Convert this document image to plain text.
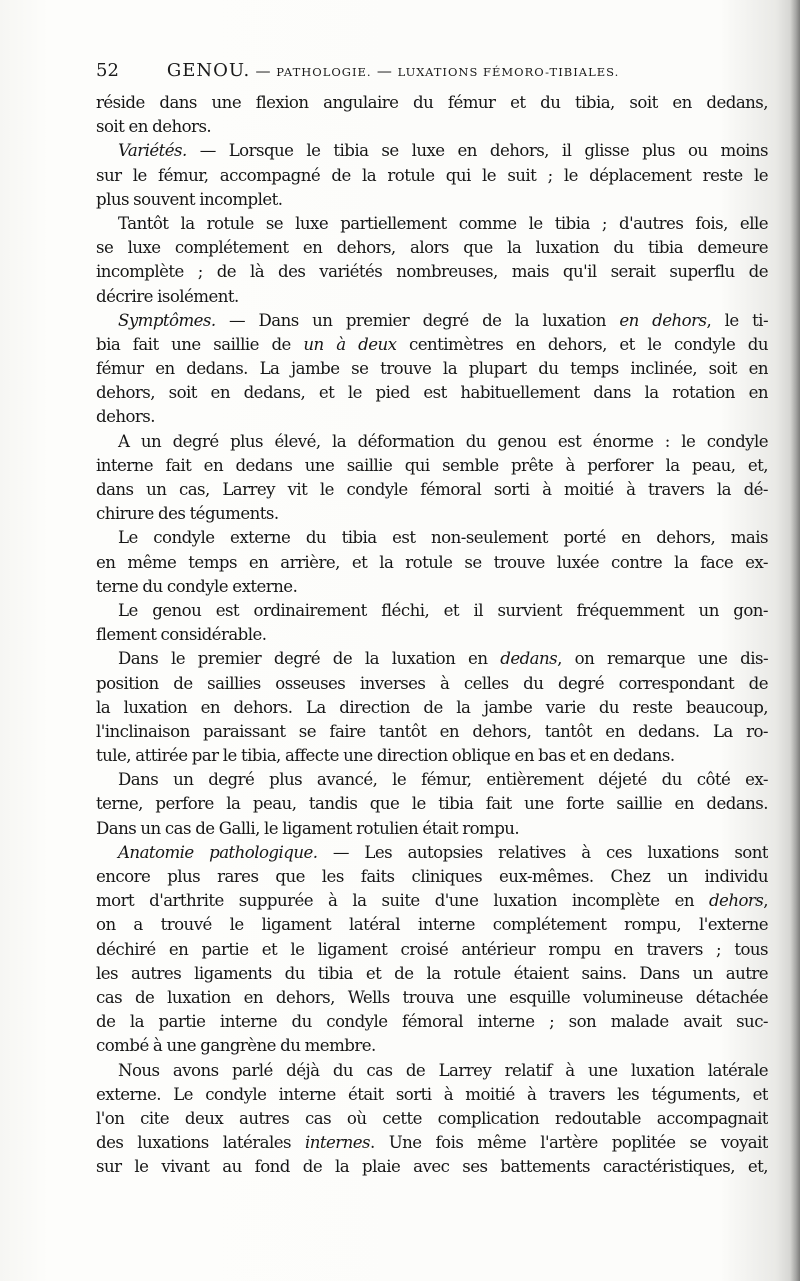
52	GENOU. — PATHOLOGIE. — LUXATIONS FÉMORO-TIBIALES.
réside dans une flexion angulaire du fémur et du tibia, soit en dedans,
soit en dehors.
Variétés. — Lorsque le tibia se luxe en dehors, il glisse plus ou moins
sur le fémur, accompagné de la rotule qui le suit ; le déplacement reste le
plus souvent incomplet.
Tantôt la rotule se luxe partiellement comme le tibia ; d'autres fois, elle
se luxe complétement en dehors, alors que la luxation du tibia demeure
incomplète ; de là des variétés nombreuses, mais qu'il serait superflu de
décrire isolément.
Symptômes. — Dans un premier degré de la luxation en dehors, le ti-
bia fait une saillie de un à deux centimètres en dehors, et le condyle du
fémur en dedans. La jambe se trouve la plupart du temps inclinée, soit en
dehors, soit en dedans, et le pied est habituellement dans la rotation en
dehors.
A un degré plus élevé, la déformation du genou est énorme : le condyle
interne fait en dedans une saillie qui semble prête à perforer la peau, et,
dans un cas, Larrey vit le condyle fémoral sorti à moitié à travers la dé-
chirure des téguments.
Le condyle externe du tibia est non-seulement porté en dehors, mais
en même temps en arrière, et la rotule se trouve luxée contre la face ex-
terne du condyle externe.
Le genou est ordinairement fléchi, et il survient fréquemment un gon-
flement considérable.
Dans le premier degré de la luxation en dedans, on remarque une dis-
position de saillies osseuses inverses à celles du degré correspondant de
la luxation en dehors. La direction de la jambe varie du reste beaucoup,
l'inclinaison paraissant se faire tantôt en dehors, tantôt en dedans. La ro-
tule, attirée par le tibia, affecte une direction oblique en bas et en dedans.
Dans un degré plus avancé, le fémur, entièrement déjeté du côté ex-
terne, perfore la peau, tandis que le tibia fait une forte saillie en dedans.
Dans un cas de Galli, le ligament rotulien était rompu.
Anatomie pathologique. — Les autopsies relatives à ces luxations sont
encore plus rares que les faits cliniques eux-mêmes. Chez un individu
mort d'arthrite suppurée à la suite d'une luxation incomplète en dehors,
on a trouvé le ligament latéral interne complétement rompu, l'externe
déchiré en partie et le ligament croisé antérieur rompu en travers ; tous
les autres ligaments du tibia et de la rotule étaient sains. Dans un autre
cas de luxation en dehors, Wells trouva une esquille volumineuse détachée
de la partie interne du condyle fémoral interne ; son malade avait suc-
combé à une gangrène du membre.
Nous avons parlé déjà du cas de Larrey relatif à une luxation latérale
externe. Le condyle interne était sorti à moitié à travers les téguments, et
l'on cite deux autres cas où cette complication redoutable accompagnait
des luxations latérales internes. Une fois même l'artère poplitée se voyait
sur le vivant au fond de la plaie avec ses battements caractéristiques, et,
